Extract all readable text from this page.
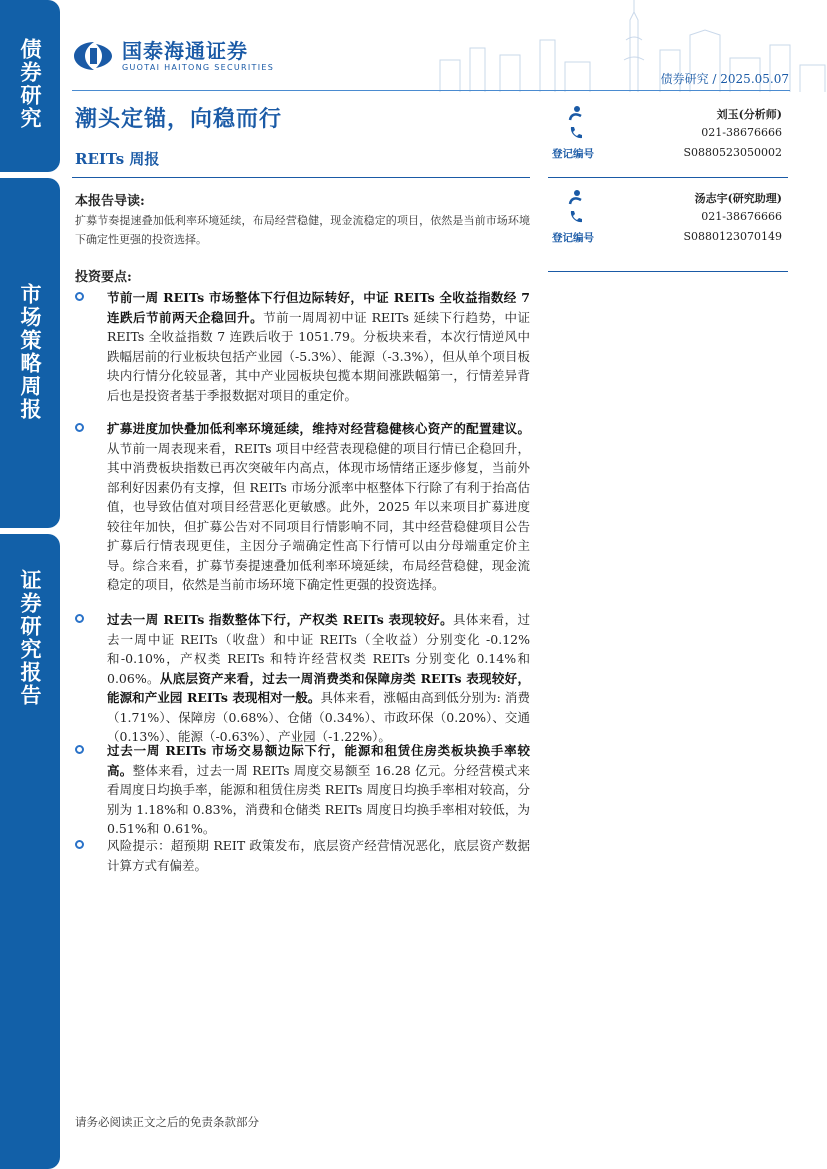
债券研究
市场策略周报
证券研究报告
国泰海通证券
GUOTAI HAITONG SECURITIES
债券研究 / 2025.05.07
潮头定锚，向稳而行
REITs 周报
本报告导读:
扩募节奏提速叠加低利率环境延续，布局经营稳健，现金流稳定的项目，依然是当前市场环境下确定性更强的投资选择。
投资要点:

节前一周 REITs 市场整体下行但边际转好，中证 REITs 全收益指数经 7 连跌后节前两天企稳回升。节前一周周初中证 REITs 延续下行趋势，中证 REITs 全收益指数 7 连跌后收于 1051.79。分板块来看，本次行情逆风中跌幅居前的行业板块包括产业园（-5.3%）、能源（-3.3%），但从单个项目板块内行情分化较显著，其中产业园板块包揽本期间涨跌幅第一，行情差异背后也是投资者基于季报数据对项目的重定价。

扩募进度加快叠加低利率环境延续，维持对经营稳健核心资产的配置建议。从节前一周表现来看，REITs 项目中经营表现稳健的项目行情已企稳回升，其中消费板块指数已再次突破年内高点，体现市场情绪正逐步修复，当前外部利好因素仍有支撑，但 REITs 市场分派率中枢整体下行除了有利于抬高估值，也导致估值对项目经营恶化更敏感。此外，2025 年以来项目扩募进度较往年加快，但扩募公告对不同项目行情影响不同，其中经营稳健项目公告扩募后行情表现更佳，主因分子端确定性高下行情可以由分母端重定价主导。综合来看，扩募节奏提速叠加低利率环境延续，布局经营稳健，现金流稳定的项目，依然是当前市场环境下确定性更强的投资选择。

过去一周 REITs 指数整体下行，产权类 REITs 表现较好。具体来看，过去一周中证 REITs（收盘）和中证 REITs（全收益）分别变化 -0.12%和-0.10%，产权类 REITs 和特许经营权类 REITs 分别变化 0.14%和 0.06%。从底层资产来看，过去一周消费类和保障房类 REITs 表现较好，能源和产业园 REITs 表现相对一般。具体来看，涨幅由高到低分别为: 消费（1.71%）、保障房（0.68%）、仓储（0.34%）、市政环保（0.20%）、交通（0.13%）、能源（-0.63%）、产业园（-1.22%）。

过去一周 REITs 市场交易额边际下行，能源和租赁住房类板块换手率较高。整体来看，过去一周 REITs 周度交易额至 16.28 亿元。分经营模式来看周度日均换手率，能源和租赁住房类 REITs 周度日均换手率相对较高，分别为 1.18%和 0.83%，消费和仓储类 REITs 周度日均换手率相对较低，为 0.51%和 0.61%。

风险提示：超预期 REIT 政策发布，底层资产经营情况恶化，底层资产数据计算方式有偏差。

刘玉(分析师)
021-38676666
登记编号	S0880523050002
汤志宇(研究助理)
021-38676666
登记编号	S0880123070149
请务必阅读正文之后的免责条款部分
